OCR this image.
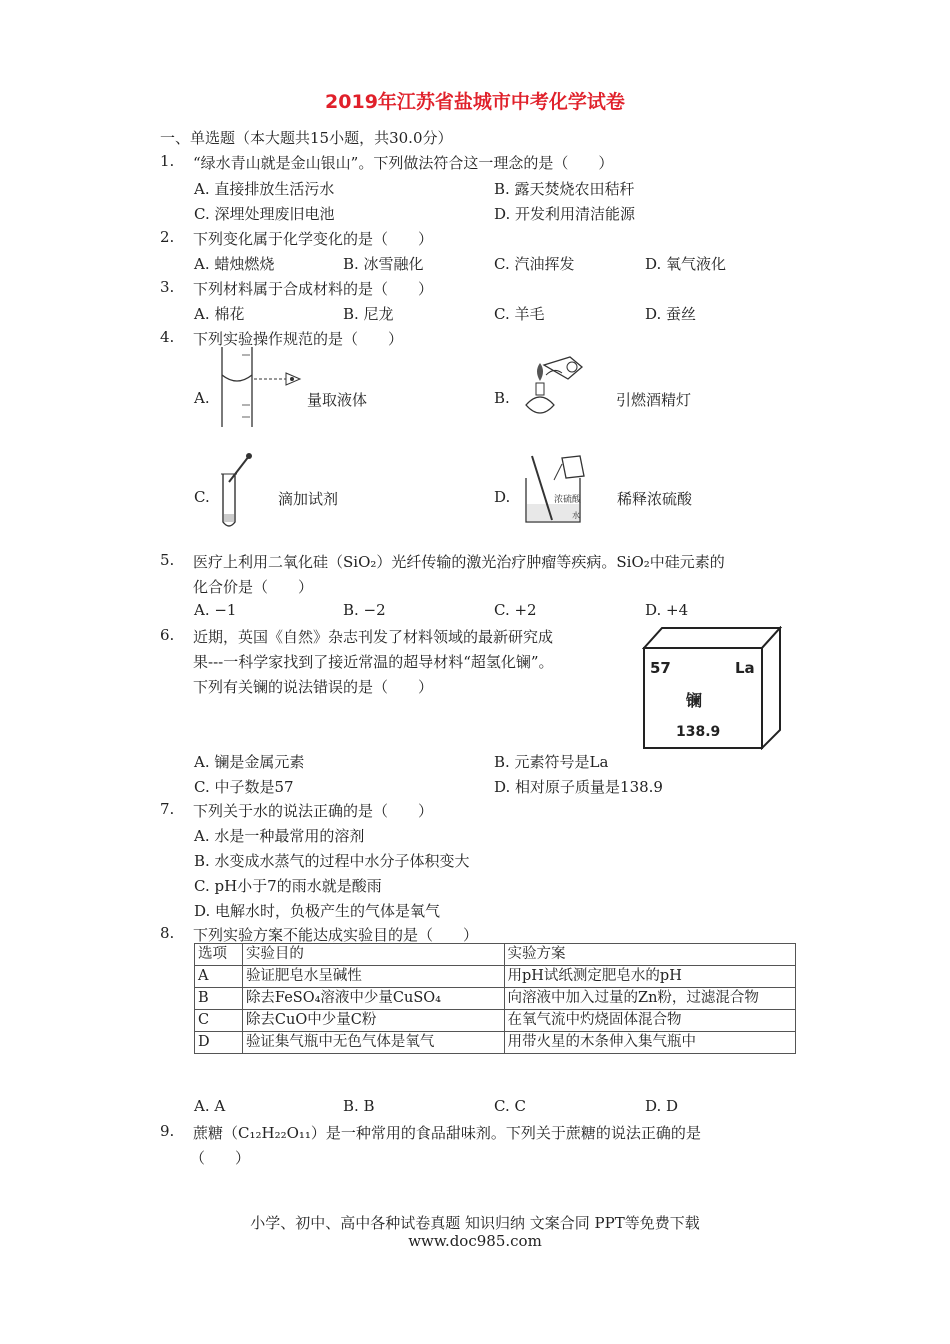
2019年江苏省盐城市中考化学试卷
一、单选题（本大题共15小题，共30.0分）
1. “绿水青山就是金山银山”。下列做法符合这一理念的是（　　）
A. 直接排放生活污水	B. 露天焚烧农田秸秆
C. 深埋处理废旧电池	D. 开发利用清洁能源
2. 下列变化属于化学变化的是（　　）
A. 蜡烛燃烧	B. 冰雪融化	C. 汽油挥发	D. 氧气液化
3. 下列材料属于合成材料的是（　　）
A. 棉花	B. 尼龙	C. 羊毛	D. 蚕丝
4. 下列实验操作规范的是（　　）
A.	量取液体	B.	引燃酒精灯
C.	滴加试剂	D.	浓硫酸
水
稀释浓硫酸
5. 医疗上利用二氧化硅（SiO₂）光纤传输的激光治疗肿瘤等疾病。SiO₂中硅元素的
化合价是（　　）
A. −1	B. −2	C. +2	D. +4
6. 近期，英国《自然》杂志刊发了材料领域的最新研究成
果---一科学家找到了接近常温的超导材料“超氢化镧”。
下列有关镧的说法错误的是（　　）
57	La
镧
138.9
A. 镧是金属元素	B. 元素符号是La
C. 中子数是57	D. 相对原子质量是138.9
7. 下列关于水的说法正确的是（　　）
A. 水是一种最常用的溶剂
B. 水变成水蒸气的过程中水分子体积变大
C. pH小于7的雨水就是酸雨
D. 电解水时，负极产生的气体是氧气
8. 下列实验方案不能达成实验目的是（　　）
选项	实验目的	实验方案
A	验证肥皂水呈碱性	用pH试纸测定肥皂水的pH
B	除去FeSO₄溶液中少量CuSO₄	向溶液中加入过量的Zn粉，过滤混合物
C	除去CuO中少量C粉	在氧气流中灼烧固体混合物
D	验证集气瓶中无色气体是氧气	用带火星的木条伸入集气瓶中
A. A	B. B	C. C	D. D
9. 蔗糖（C₁₂H₂₂O₁₁）是一种常用的食品甜味剂。下列关于蔗糖的说法正确的是
（　　）
小学、初中、高中各种试卷真题 知识归纳 文案合同 PPT等免费下载
www.doc985.com
